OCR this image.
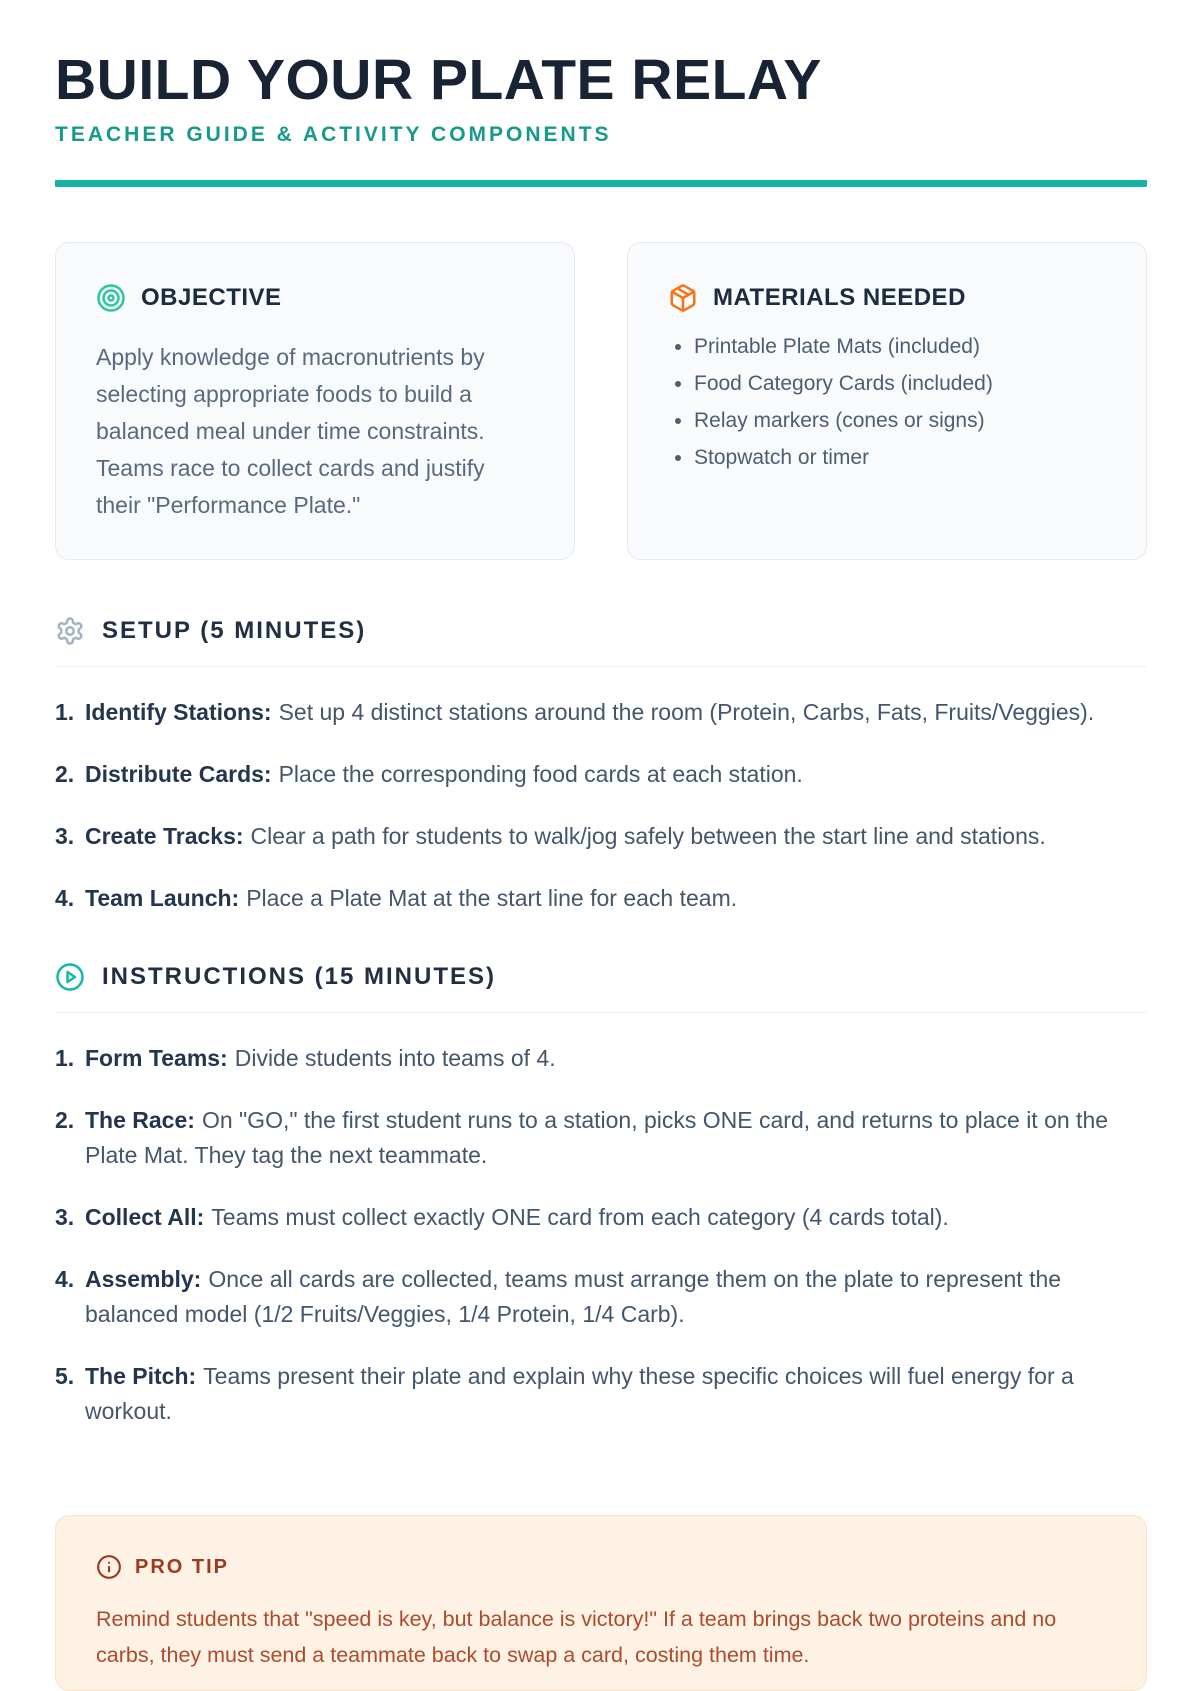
BUILD YOUR PLATE RELAY
TEACHER GUIDE & ACTIVITY COMPONENTS
OBJECTIVE
Apply knowledge of macronutrients by selecting appropriate foods to build a balanced meal under time constraints. Teams race to collect cards and justify their "Performance Plate."
MATERIALS NEEDED
• Printable Plate Mats (included)
• Food Category Cards (included)
• Relay markers (cones or signs)
• Stopwatch or timer
SETUP (5 MINUTES)
1. Identify Stations: Set up 4 distinct stations around the room (Protein, Carbs, Fats, Fruits/Veggies).
2. Distribute Cards: Place the corresponding food cards at each station.
3. Create Tracks: Clear a path for students to walk/jog safely between the start line and stations.
4. Team Launch: Place a Plate Mat at the start line for each team.
INSTRUCTIONS (15 MINUTES)
1. Form Teams: Divide students into teams of 4.
2. The Race: On "GO," the first student runs to a station, picks ONE card, and returns to place it on the Plate Mat. They tag the next teammate.
3. Collect All: Teams must collect exactly ONE card from each category (4 cards total).
4. Assembly: Once all cards are collected, teams must arrange them on the plate to represent the balanced model (1/2 Fruits/Veggies, 1/4 Protein, 1/4 Carb).
5. The Pitch: Teams present their plate and explain why these specific choices will fuel energy for a workout.
PRO TIP
Remind students that "speed is key, but balance is victory!" If a team brings back two proteins and no carbs, they must send a teammate back to swap a card, costing them time.
